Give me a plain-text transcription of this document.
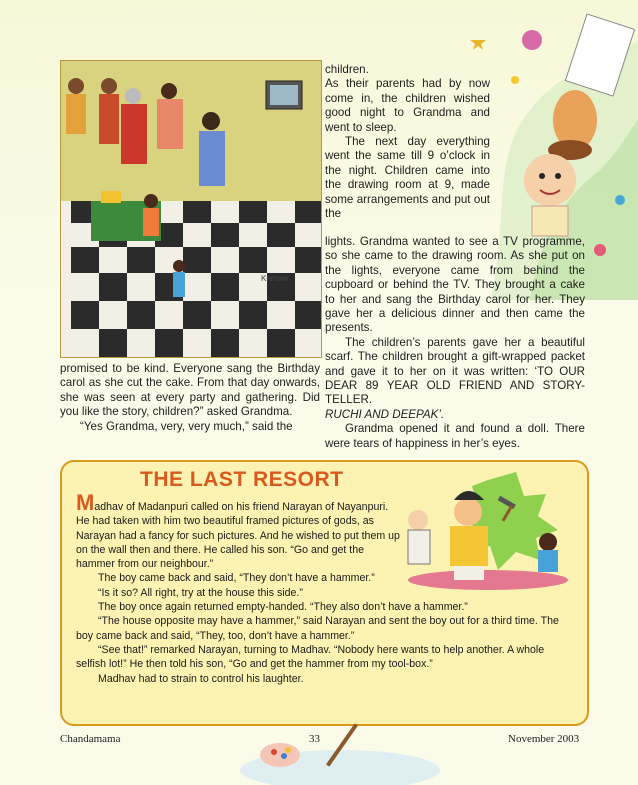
Krimaw

children.

As their parents had by now come in, the children wished good night to Grandma and went to sleep.

The next day everything went the same till 9 o’clock in the night. Children came into the drawing room at 9, made some arrangements and put out the

lights. Grandma wanted to see a TV programme, so she came to the drawing room. As she put on the lights, everyone came from behind the cupboard or behind the TV. They brought a cake to her and sang the Birthday carol for her. They gave her a delicious dinner and then came the presents.

The children’s parents gave her a beautiful scarf. The children brought a gift-wrapped packet and gave it to her on it was written: ‘TO OUR DEAR 89 YEAR OLD FRIEND AND STORY-TELLER.

RUCHI AND DEEPAK’.

Grandma opened it and found a doll. There were tears of happiness in her’s eyes.

promised to be kind. Everyone sang the Birthday carol as she cut the cake. From that day onwards, she was seen at every party and gathering. Did you like the story, children?” asked Grandma.

“Yes Grandma, very, very much,” said the

THE LAST RESORT

Madhav of Madanpuri called on his friend Narayan of Nayanpuri. He had taken with him two beautiful framed pictures of gods, as Narayan had a fancy for such pictures. And he wished to put them up on the wall then and there. He called his son. “Go and get the hammer from our neighbour.”

The boy came back and said, “They don’t have a hammer.”

“Is it so? All right, try at the house this side.”

The boy once again returned empty-handed. “They also don’t have a hammer.”

“The house opposite may have a hammer,” said Narayan and sent the boy out for a third time. The boy came back and said, “They, too, don’t have a hammer.”

“See that!” remarked Narayan, turning to Madhav. “Nobody here wants to help another. A whole selfish lot!” He then told his son, “Go and get the hammer from my tool-box.”

Madhav had to strain to control his laughter.

Chandamama	33	November 2003
